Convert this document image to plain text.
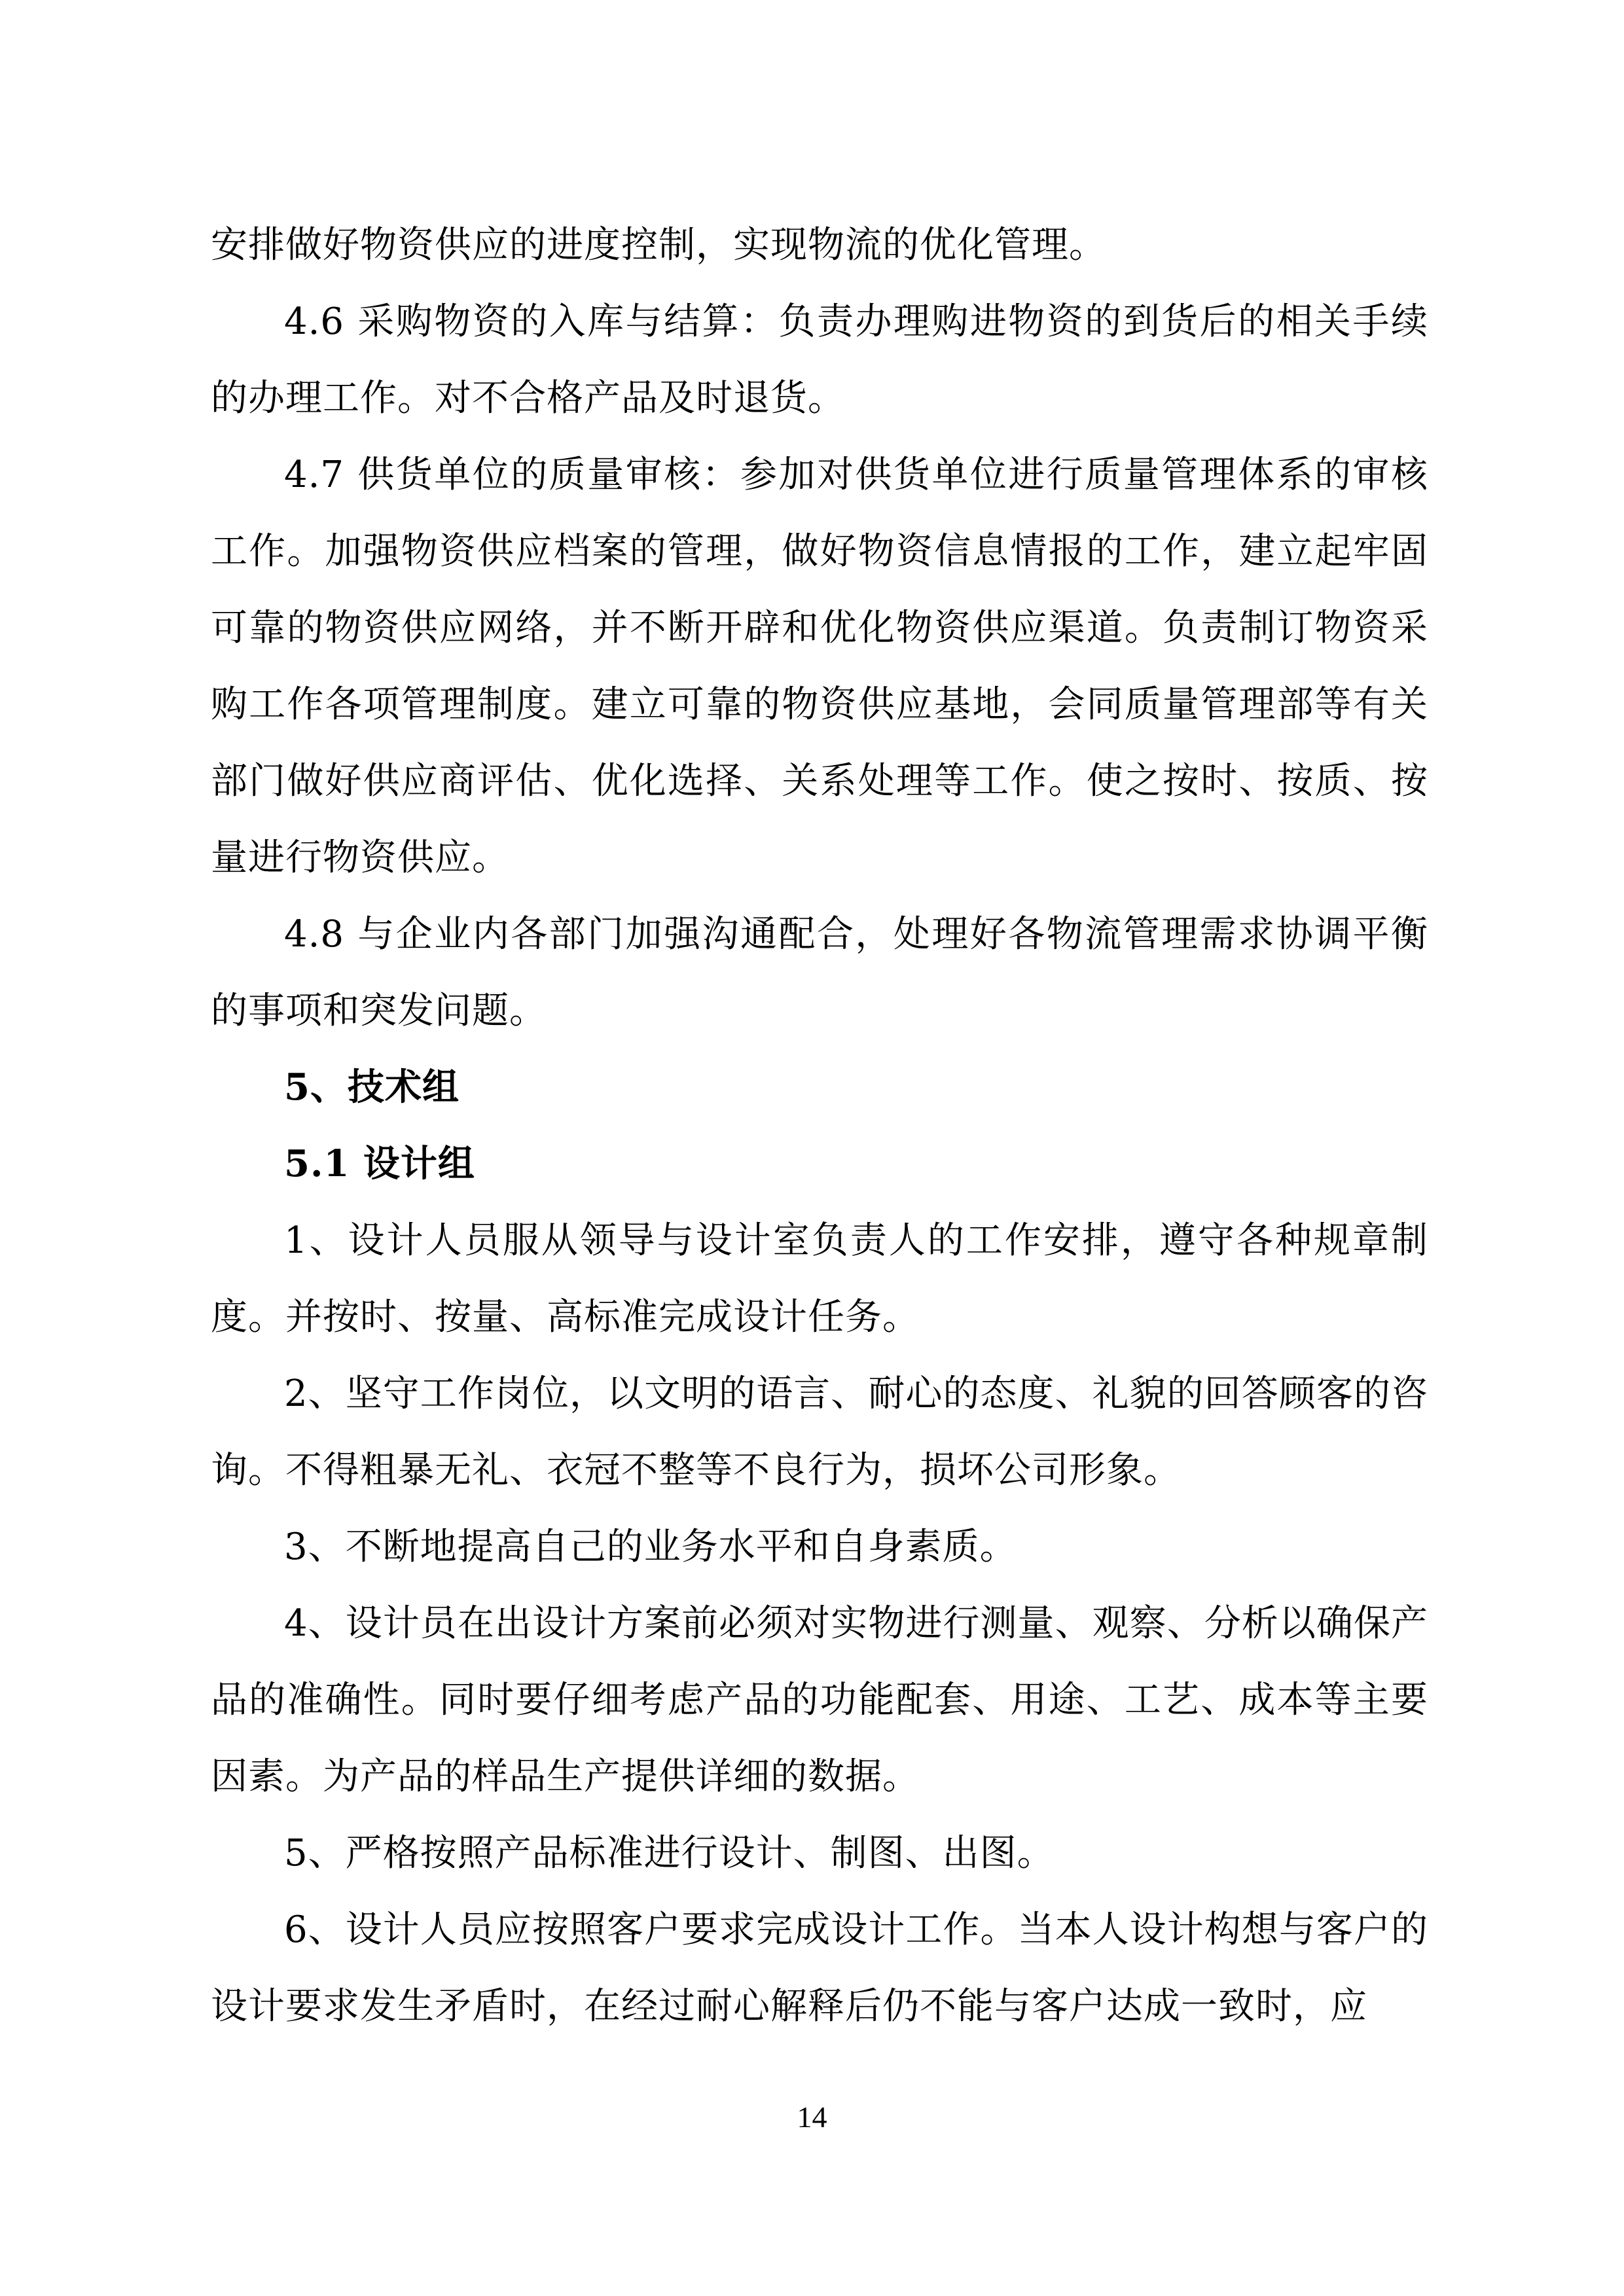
安排做好物资供应的进度控制，实现物流的优化管理。

4.6 采购物资的入库与结算：负责办理购进物资的到货后的相关手续的办理工作。对不合格产品及时退货。

4.7 供货单位的质量审核：参加对供货单位进行质量管理体系的审核工作。加强物资供应档案的管理，做好物资信息情报的工作，建立起牢固可靠的物资供应网络，并不断开辟和优化物资供应渠道。负责制订物资采购工作各项管理制度。建立可靠的物资供应基地，会同质量管理部等有关部门做好供应商评估、优化选择、关系处理等工作。使之按时、按质、按量进行物资供应。

4.8 与企业内各部门加强沟通配合，处理好各物流管理需求协调平衡的事项和突发问题。

5、技术组

5.1 设计组

1、设计人员服从领导与设计室负责人的工作安排，遵守各种规章制度。并按时、按量、高标准完成设计任务。

2、坚守工作岗位，以文明的语言、耐心的态度、礼貌的回答顾客的咨询。不得粗暴无礼、衣冠不整等不良行为，损坏公司形象。

3、不断地提高自己的业务水平和自身素质。

4、设计员在出设计方案前必须对实物进行测量、观察、分析以确保产品的准确性。同时要仔细考虑产品的功能配套、用途、工艺、成本等主要因素。为产品的样品生产提供详细的数据。

5、严格按照产品标准进行设计、制图、出图。

6、设计人员应按照客户要求完成设计工作。当本人设计构想与客户的设计要求发生矛盾时，在经过耐心解释后仍不能与客户达成一致时，应

14
